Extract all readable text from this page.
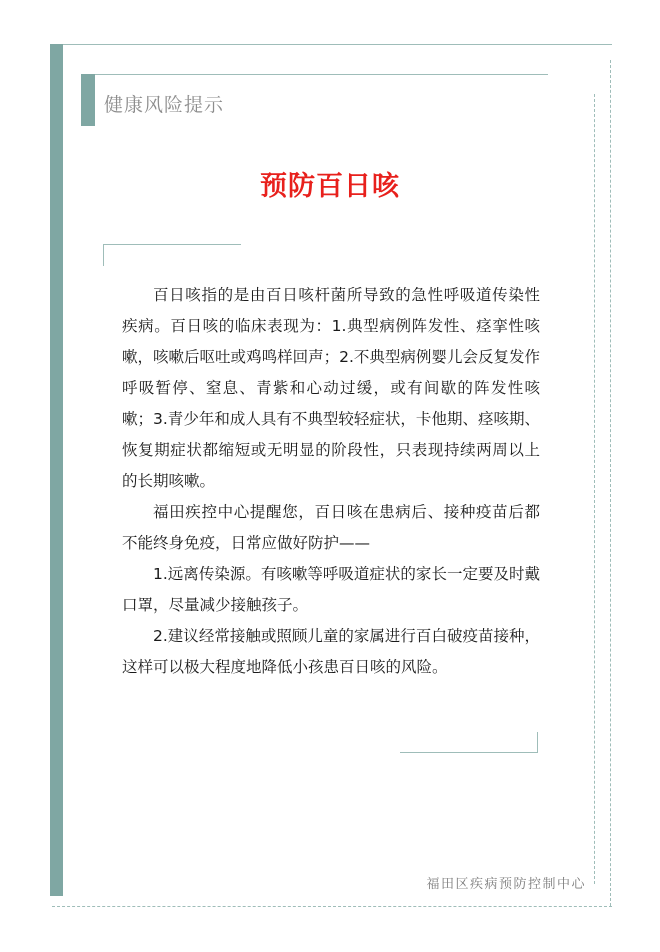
健康风险提示
预防百日咳

百日咳指的是由百日咳杆菌所导致的急性呼吸道传染性疾病。百日咳的临床表现为：1.典型病例阵发性、痉挛性咳嗽，咳嗽后呕吐或鸡鸣样回声；2.不典型病例婴儿会反复发作呼吸暂停、窒息、青紫和心动过缓，或有间歇的阵发性咳嗽；3.青少年和成人具有不典型较轻症状，卡他期、痉咳期、恢复期症状都缩短或无明显的阶段性，只表现持续两周以上的长期咳嗽。

福田疾控中心提醒您，百日咳在患病后、接种疫苗后都不能终身免疫，日常应做好防护——

1.远离传染源。有咳嗽等呼吸道症状的家长一定要及时戴口罩，尽量减少接触孩子。

2.建议经常接触或照顾儿童的家属进行百白破疫苗接种，这样可以极大程度地降低小孩患百日咳的风险。

福田区疾病预防控制中心
